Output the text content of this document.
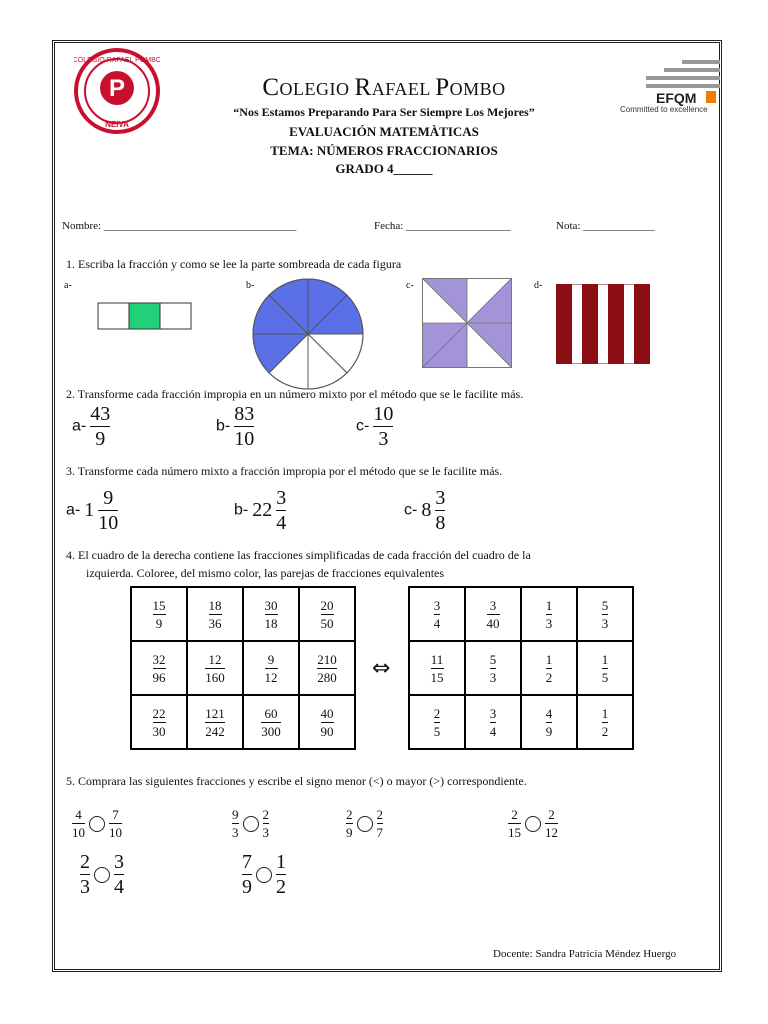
P
COLEGIO RAFAEL POMBO
NEIVA
EFQM
Committed to excellence
COLEGIO RAFAEL POMBO
“Nos Estamos Preparando Para Ser Siempre Los Mejores”
EVALUACIÓN MATEMÀTICAS
TEMA: NÚMEROS FRACCIONARIOS
GRADO 4______
Nombre: ___________________________________	Fecha: ___________________	Nota: _____________
1. Escriba la fracción y como se lee la parte sombreada de cada figura
a-	b-	c-	d-
2. Transforme cada fracción impropia en un número mixto por el método que se le facilite más.
$a- \frac{43}{9}$	$b- \frac{83}{10}$	$c- \frac{10}{3}$
3. Transforme cada número mixto a fracción impropia por el método que se le facilite más.
a- $1 \frac{9}{10}$	b- $22 \frac{3}{4}$	c- $8 \frac{3}{8}$
4. El cuadro de la derecha contiene las fracciones simplificadas de cada fracción del cuadro de la
izquierda. Coloree, del mismo color, las parejas de fracciones equivalentes
$\frac{15}{9}$	$\frac{18}{36}$	$\frac{30}{18}$	$\frac{20}{50}$

$\frac{32}{96}$	$\frac{12}{160}$	$\frac{9}{12}$	$\frac{210}{280}$

$\frac{22}{30}$	$\frac{121}{242}$	$\frac{60}{300}$	$\frac{40}{90}$
⇔
$\frac{3}{4}$	$\frac{3}{40}$	$\frac{1}{3}$	$\frac{5}{3}$

$\frac{11}{15}$	$\frac{5}{3}$	$\frac{1}{2}$	$\frac{1}{5}$

$\frac{2}{5}$	$\frac{3}{4}$	$\frac{4}{9}$	$\frac{1}{2}$
5. Comprara las siguientes fracciones y escribe el signo menor (<) o mayor (>) correspondiente.
$\frac{4}{10} \frac{7}{10}$	$\frac{9}{3} \frac{2}{3}$	$\frac{2}{9} \frac{2}{7}$	$\frac{2}{15} \frac{2}{12}$
$\frac{2}{3} \frac{3}{4}$	$\frac{7}{9} \frac{1}{2}$
Docente: Sandra Patricia Méndez Huergo
